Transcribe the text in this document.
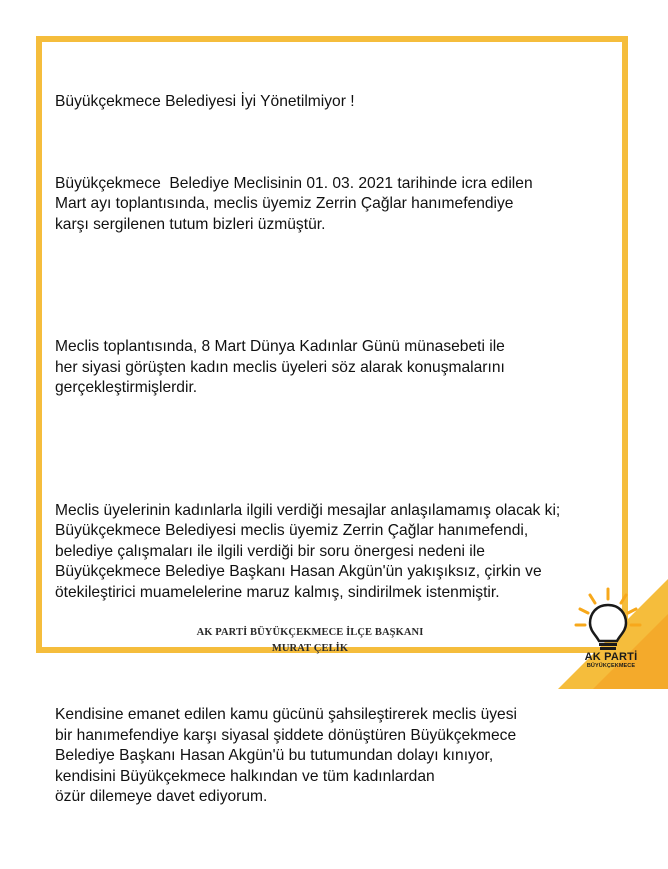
Büyükçekmece Belediyesi İyi Yönetilmiyor !

Büyükçekmece  Belediye Meclisinin 01. 03. 2021 tarihinde icra edilen
Mart ayı toplantısında, meclis üyemiz Zerrin Çağlar hanımefendiye
karşı sergilenen tutum bizleri üzmüştür.

Meclis toplantısında, 8 Mart Dünya Kadınlar Günü münasebeti ile
her siyasi görüşten kadın meclis üyeleri söz alarak konuşmalarını
gerçekleştirmişlerdir.

Meclis üyelerinin kadınlarla ilgili verdiği mesajlar anlaşılamamış olacak ki;
Büyükçekmece Belediyesi meclis üyemiz Zerrin Çağlar hanımefendi,
belediye çalışmaları ile ilgili verdiği bir soru önergesi nedeni ile
Büyükçekmece Belediye Başkanı Hasan Akgün'ün yakışıksız, çirkin ve
ötekileştirici muamelelerine maruz kalmış, sindirilmek istenmiştir.

Kendisine emanet edilen kamu gücünü şahsileştirerek meclis üyesi
bir hanımefendiye karşı siyasal şiddete dönüştüren Büyükçekmece
Belediye Başkanı Hasan Akgün'ü bu tutumundan dolayı kınıyor,
kendisini Büyükçekmece halkından ve tüm kadınlardan
özür dilemeye davet ediyorum.

AK PARTİ BÜYÜKÇEKMECE İLÇE BAŞKANI
MURAT ÇELİK
AK PARTİ
BÜYÜKÇEKMECE
